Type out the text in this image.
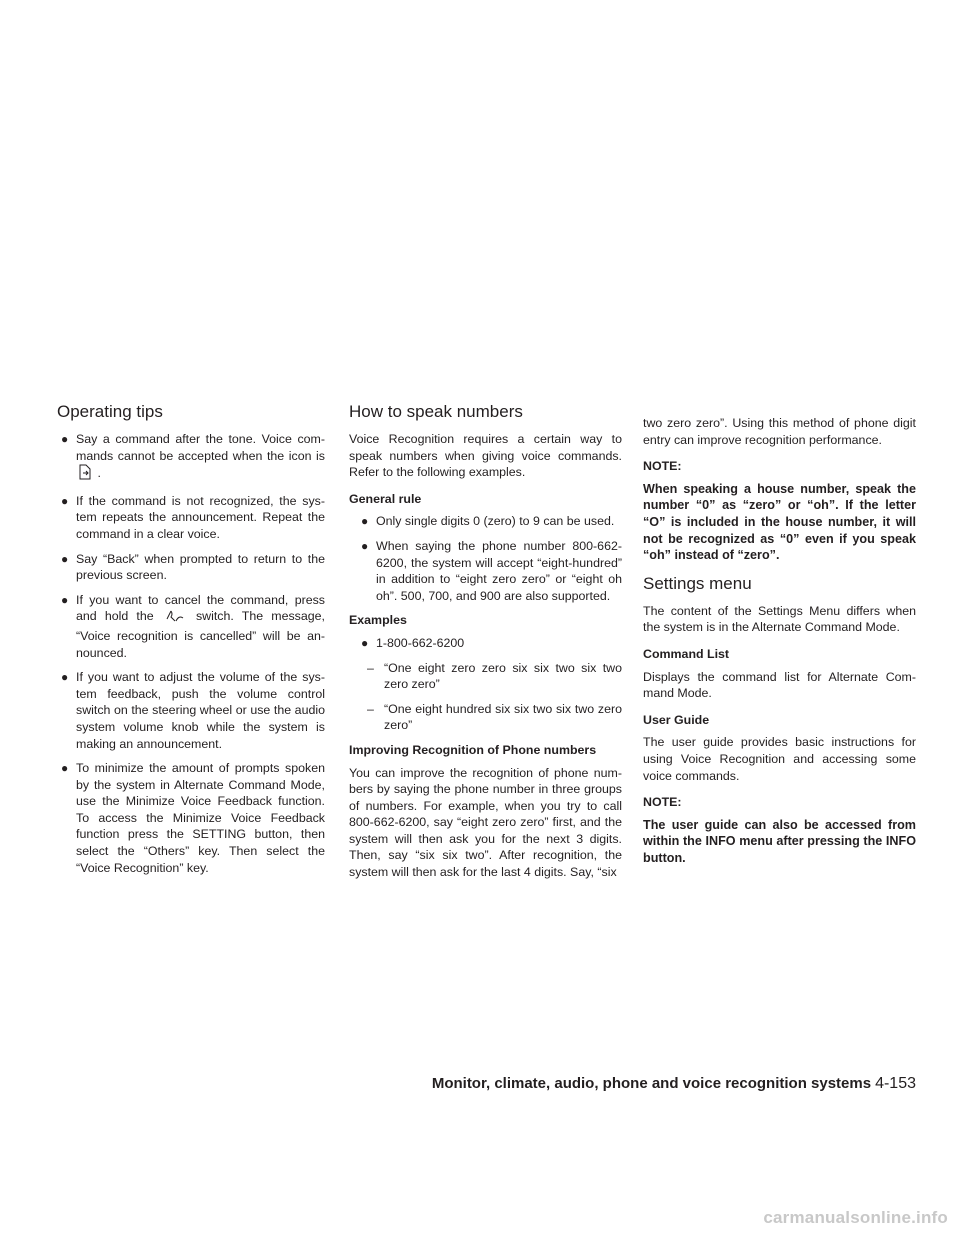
Operating tips
● Say a command after the tone. Voice com-mands cannot be accepted when the icon is  .
● If the command is not recognized, the sys-tem repeats the announcement. Repeat the command in a clear voice.
● Say “Back” when prompted to return to the previous screen.
● If you want to cancel the command, press and hold the	switch. The message, “Voice recognition is cancelled” will be an-nounced.
● If you want to adjust the volume of the sys-tem feedback, push the volume control switch on the steering wheel or use the audio system volume knob while the system is making an announcement.
● To minimize the amount of prompts spoken by the system in Alternate Command Mode, use the Minimize Voice Feedback function. To access the Minimize Voice Feedback function press the SETTING button, then select the “Others” key. Then select the “Voice Recognition” key.
How to speak numbers

Voice Recognition requires a certain way to speak numbers when giving voice commands. Refer to the following examples.

General rule

● Only single digits 0 (zero) to 9 can be used.
● When saying the phone number 800-662-6200, the system will accept “eight-hundred” in addition to “eight zero zero” or “eight oh oh”. 500, 700, and 900 are also supported.

Examples

● 1-800-662-6200
– “One eight zero zero six six two six two zero zero”
– “One eight hundred six six two six two zero zero”

Improving Recognition of Phone numbers

You can improve the recognition of phone num-bers by saying the phone number in three groups of numbers. For example, when you try to call 800-662-6200, say “eight zero zero” first, and the system will then ask you for the next 3 digits. Then, say “six six two”. After recognition, the system will then ask for the last 4 digits. Say, “six

two zero zero”. Using this method of phone digit entry can improve recognition performance.

NOTE:

When speaking a house number, speak the number “0” as “zero” or “oh”. If the letter “O” is included in the house number, it will not be recognized as “0” even if you speak “oh” instead of “zero”.

Settings menu

The content of the Settings Menu differs when the system is in the Alternate Command Mode.

Command List

Displays the command list for Alternate Com-mand Mode.

User Guide

The user guide provides basic instructions for using Voice Recognition and accessing some voice commands.

NOTE:

The user guide can also be accessed from within the INFO menu after pressing the INFO button.

Monitor, climate, audio, phone and voice recognition systems 4-153
carmanualsonline.info
